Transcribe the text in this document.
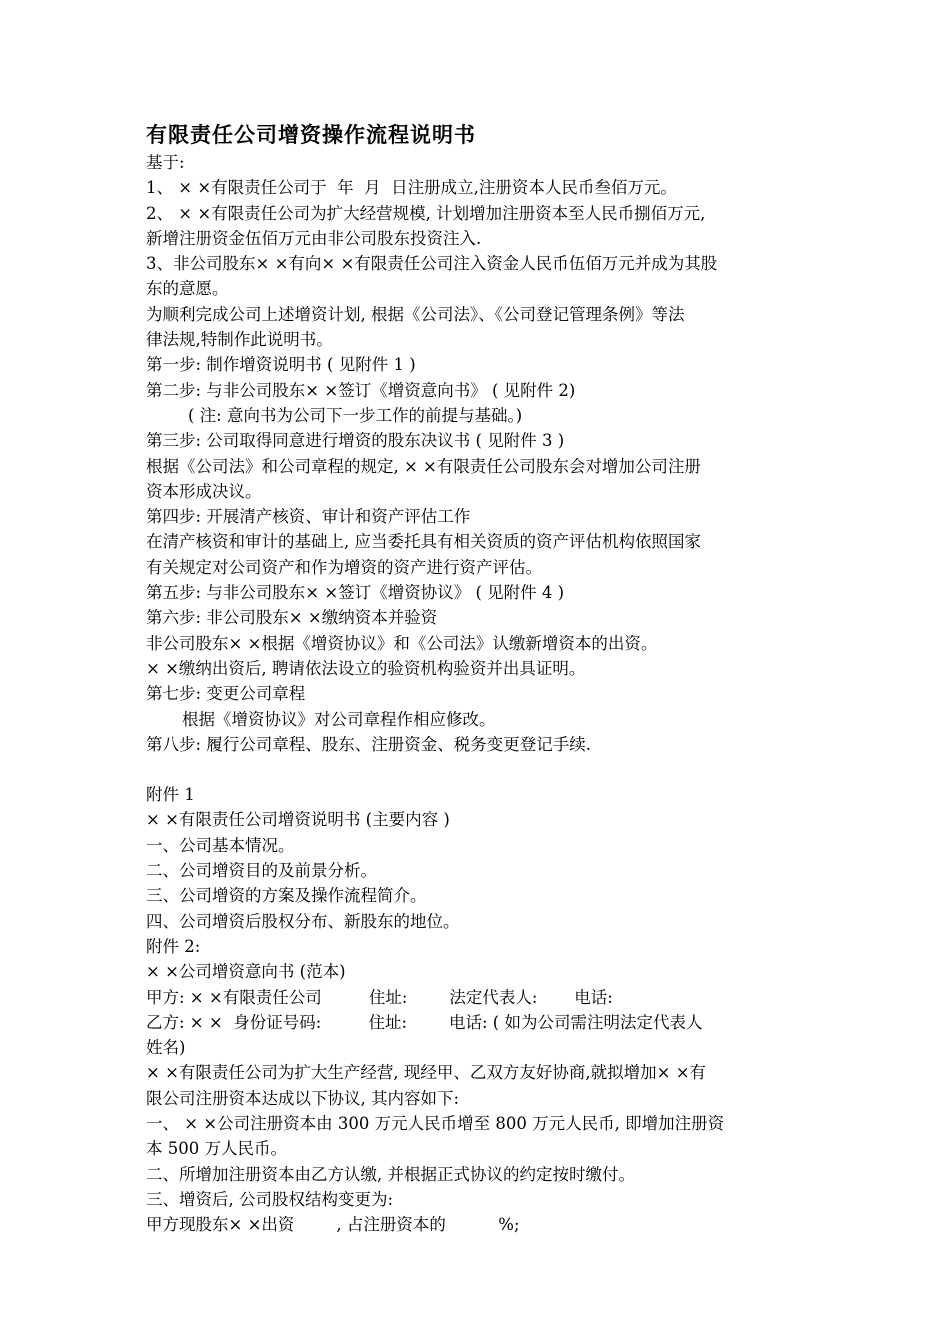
有限责任公司增资操作流程说明书

基于:

1、 × ×有限责任公司于  年  月  日注册成立,注册资本人民币叁佰万元。

2、 × ×有限责任公司为扩大经营规模, 计划增加注册资本至人民币捌佰万元,

新增注册资金伍佰万元由非公司股东投资注入.

3、非公司股东× ×有向× ×有限责任公司注入资金人民币伍佰万元并成为其股

东的意愿。

为顺利完成公司上述增资计划, 根据《公司法》、《公司登记管理条例》等法

律法规,特制作此说明书。

第一步: 制作增资说明书 ( 见附件 1 )

第二步: 与非公司股东× ×签订《增资意向书》 ( 见附件 2)

( 注: 意向书为公司下一步工作的前提与基础。)

第三步: 公司取得同意进行增资的股东决议书 ( 见附件 3 )

根据《公司法》和公司章程的规定, × ×有限责任公司股东会对增加公司注册

资本形成决议。

第四步: 开展清产核资、审计和资产评估工作

在清产核资和审计的基础上, 应当委托具有相关资质的资产评估机构依照国家

有关规定对公司资产和作为增资的资产进行资产评估。

第五步: 与非公司股东× ×签订《增资协议》 ( 见附件 4 )

第六步: 非公司股东× ×缴纳资本并验资

非公司股东× ×根据《增资协议》和《公司法》认缴新增资本的出资。

× ×缴纳出资后, 聘请依法设立的验资机构验资并出具证明。

第七步: 变更公司章程

根据《增资协议》对公司章程作相应修改。

第八步: 履行公司章程、股东、注册资金、税务变更登记手续.

附件 1

× ×有限责任公司增资说明书 (主要内容 )

一、公司基本情况。

二、公司增资目的及前景分析。

三、公司增资的方案及操作流程简介。

四、公司增资后股权分布、新股东的地位。

附件 2:

× ×公司增资意向书 (范本)

甲方: × ×有限责任公司         住址:        法定代表人:       电话:

乙方: × ×  身份证号码:         住址:        电话: ( 如为公司需注明法定代表人

姓名)

× ×有限责任公司为扩大生产经营, 现经甲、乙双方友好协商,就拟增加× ×有

限公司注册资本达成以下协议, 其内容如下:

一、 × ×公司注册资本由 300 万元人民币增至 800 万元人民币, 即增加注册资

本 500 万人民币。

二、所增加注册资本由乙方认缴, 并根据正式协议的约定按时缴付。

三、增资后, 公司股权结构变更为:

甲方现股东× ×出资        , 占注册资本的          %;
